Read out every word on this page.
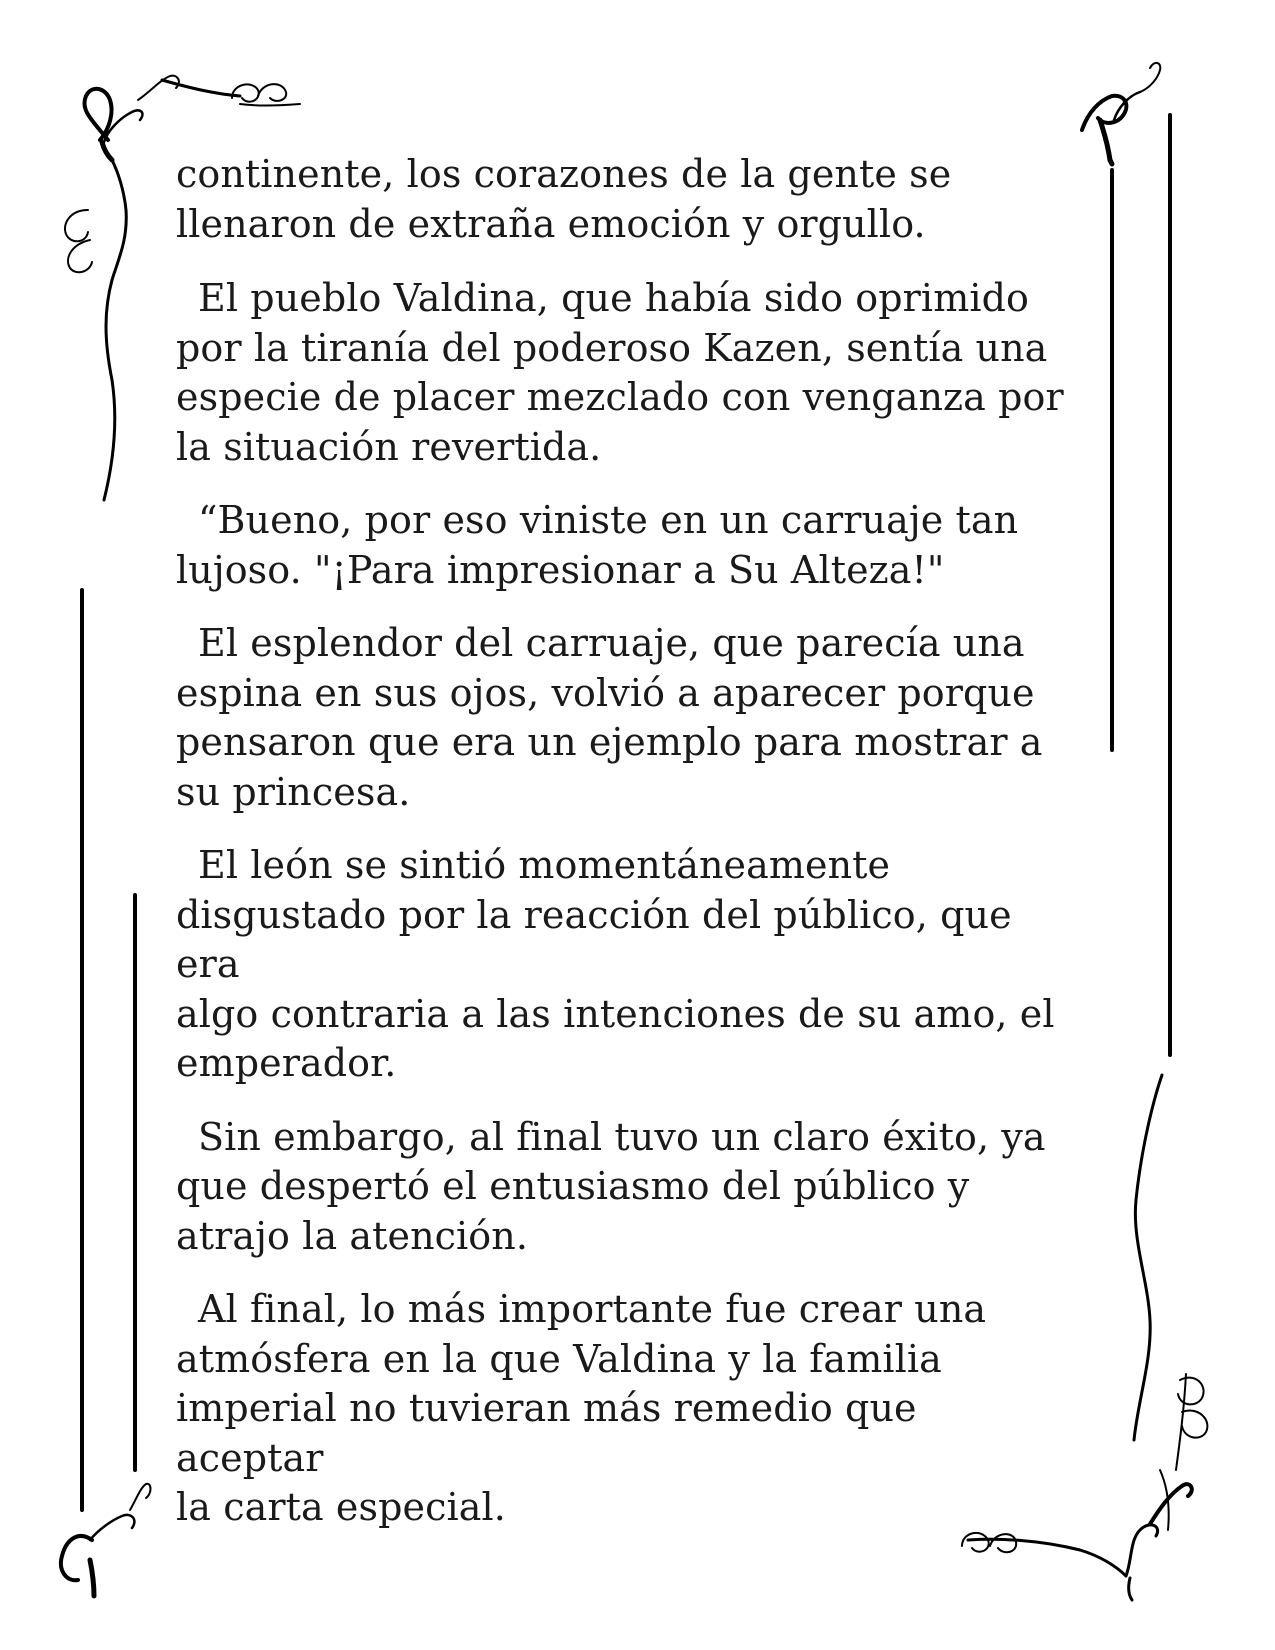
continente, los corazones de la gente se
llenaron de extraña emoción y orgullo.

El pueblo Valdina, que había sido oprimido
por la tiranía del poderoso Kazen, sentía una
especie de placer mezclado con venganza por
la situación revertida.

“Bueno, por eso viniste en un carruaje tan
lujoso. "¡Para impresionar a Su Alteza!"

El esplendor del carruaje, que parecía una
espina en sus ojos, volvió a aparecer porque
pensaron que era un ejemplo para mostrar a
su princesa.

El león se sintió momentáneamente
disgustado por la reacción del público, que era
algo contraria a las intenciones de su amo, el
emperador.

Sin embargo, al final tuvo un claro éxito, ya
que despertó el entusiasmo del público y
atrajo la atención.

Al final, lo más importante fue crear una
atmósfera en la que Valdina y la familia
imperial no tuvieran más remedio que aceptar
la carta especial.
